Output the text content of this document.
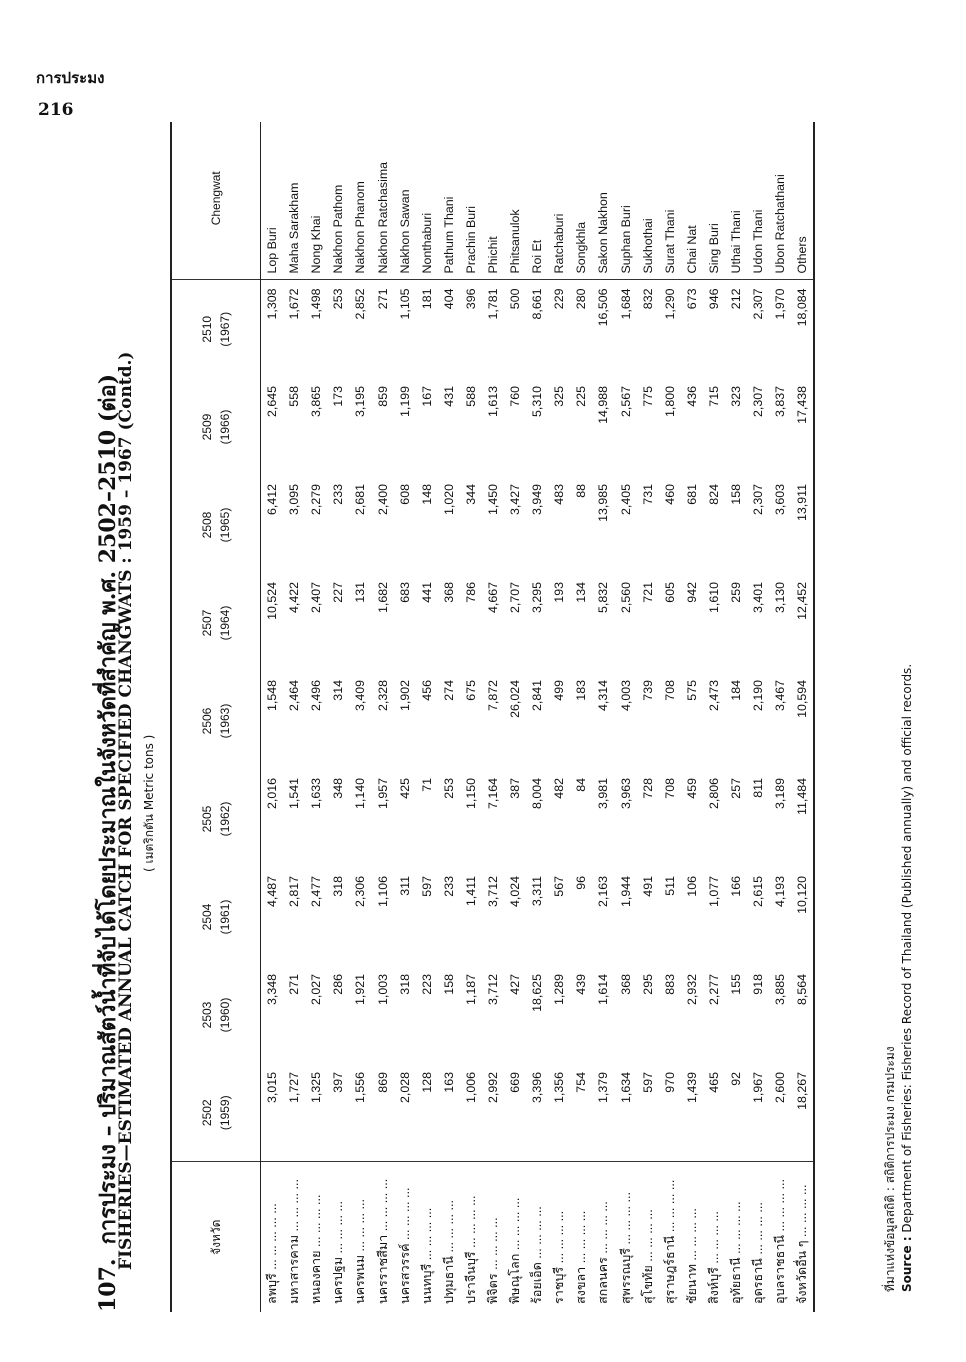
การประมง
216
107.การประมง – ปริมาณสัตว์น้ำที่จับได้โดยประมาณในจังหวัดที่สำคัญ พ.ศ. 2502–2510 (ต่อ)
FISHERIES—ESTIMATED ANNUAL CATCH FOR SPECIFIED CHANGWATS : 1959 – 1967 (Contd.) ( เมตริกตัน Metric tons )
จังหวัด	2502 (1959)	2503 (1960)	2504 (1961)	2505 (1962)	2506 (1963)	2507 (1964)	2508 (1965)	2509 (1966)	2510 (1967)	Chengwat
ลพบุรี ... ... ... ... ...	3,015	3,348	4,487	2,016	1,548	10,524	6,412	2,645	1,308	Lop Buri
มหาสารคาม ... ... ... ...	1,727	271	2,817	1,541	2,464	4,422	3,095	558	1,672	Maha Sarakham
หนองคาย ... ... ... ...	1,325	2,027	2,477	1,633	2,496	2,407	2,279	3,865	1,498	Nong Khai
นครปฐม ... ... ... ...	397	286	318	348	314	227	233	173	253	Nakhon Pathom
นครพนม ... ... ... ...	1,556	1,921	2,306	1,140	3,409	131	2,681	3,195	2,852	Nakhon Phanom
นครราชสีมา ... ... ... ...	869	1,003	1,106	1,957	2,328	1,682	2,400	859	271	Nakhon Ratchasima
นครสวรรค์ ... ... ... ...	2,028	318	311	425	1,902	683	608	1,199	1,105	Nakhon Sawan
นนทบุรี ... ... ... ...	128	223	597	71	456	441	148	167	181	Nonthaburi
ปทุมธานี ... ... ... ...	163	158	233	253	274	368	1,020	431	404	Pathum Thani
ปราจีนบุรี ... ... ... ...	1,006	1,187	1,411	1,150	675	786	344	588	396	Prachin Buri
พิจิตร ... ... ... ...	2,992	3,712	3,712	7,164	7,872	4,667	1,450	1,613	1,781	Phichit
พิษณุโลก ... ... ... ...	669	427	4,024	387	26,024	2,707	3,427	760	500	Phitsanulok
ร้อยเอ็ด ... ... ... ...	3,396	18,625	3,311	8,004	2,841	3,295	3,949	5,310	8,661	Roi Et
ราชบุรี ... ... ... ...	1,356	1,289	567	482	499	193	483	325	229	Ratchaburi
สงขลา ... ... ... ...	754	439	96	84	183	134	88	225	280	Songkhla
สกลนคร ... ... ... ...	1,379	1,614	2,163	3,981	4,314	5,832	13,985	14,988	16,506	Sakon Nakhon
สุพรรณบุรี ... ... ... ...	1,634	368	1,944	3,963	4,003	2,560	2,405	2,567	1,684	Suphan Buri
สุโขทัย ... ... ... ...	597	295	491	728	739	721	731	775	832	Sukhothai
สุราษฎร์ธานี ... ... ... ...	970	883	511	708	708	605	460	1,800	1,290	Surat Thani
ชัยนาท ... ... ... ...	1,439	2,932	106	459	575	942	681	436	673	Chai Nat
สิงห์บุรี ... ... ... ...	465	2,277	1,077	2,806	2,473	1,610	824	715	946	Sing Buri
อุทัยธานี ... ... ... ...	92	155	166	257	184	259	158	323	212	Uthai Thani
อุดรธานี ... ... ... ...	1,967	918	2,615	811	2,190	3,401	2,307	2,307	2,307	Udon Thani
อุบลราชธานี ... ... ... ...	2,600	3,885	4,193	3,189	3,467	3,130	3,603	3,837	1,970	Ubon Ratchathani
จังหวัดอื่น ๆ ... ... ... ...	18,267	8,564	10,120	11,484	10,594	12,452	13,911	17,438	18,084	Others
ที่มาแห่งข้อมูลสถิติ : สถิติการประมง กรมประมง Source : Department of Fisheries: Fisheries Record of Thailand (Published annually) and official records.
